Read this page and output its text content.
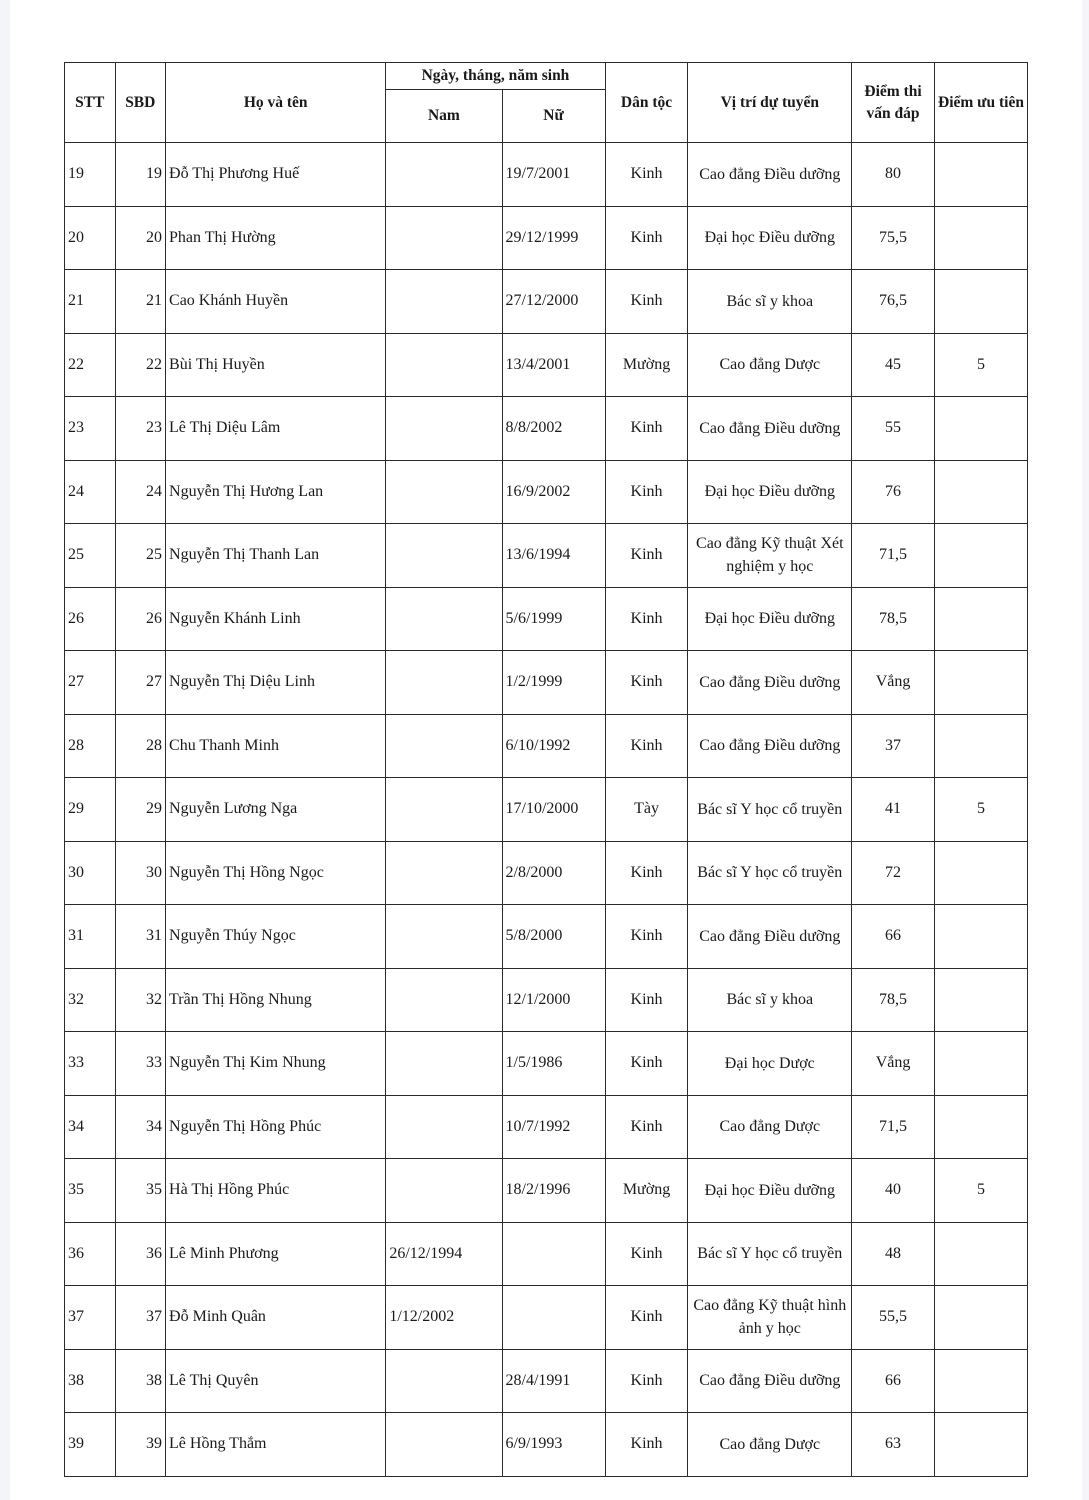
STT	SBD	Họ và tên	Ngày, tháng, năm sinh		Dân tộc	Vị trí dự tuyển	Điểm thi vấn đáp	Điểm ưu tiên
			Nam	Nữ				
19	19	Đỗ Thị Phương Huế		19/7/2001	Kinh	Cao đẳng Điều dưỡng	80	
20	20	Phan Thị Hường		29/12/1999	Kinh	Đại học Điều dưỡng	75,5	
21	21	Cao Khánh Huyền		27/12/2000	Kinh	Bác sĩ y khoa	76,5	
22	22	Bùi Thị Huyền		13/4/2001	Mường	Cao đẳng Dược	45	5
23	23	Lê Thị Diệu Lâm		8/8/2002	Kinh	Cao đẳng Điều dưỡng	55	
24	24	Nguyễn Thị Hương Lan		16/9/2002	Kinh	Đại học Điều dưỡng	76	
25	25	Nguyễn Thị Thanh Lan		13/6/1994	Kinh	Cao đẳng Kỹ thuật Xét nghiệm y học	71,5	
26	26	Nguyễn Khánh Linh		5/6/1999	Kinh	Đại học Điều dưỡng	78,5	
27	27	Nguyễn Thị Diệu Linh		1/2/1999	Kinh	Cao đẳng Điều dưỡng	Vắng	
28	28	Chu Thanh Minh		6/10/1992	Kinh	Cao đẳng Điều dưỡng	37	
29	29	Nguyễn Lương Nga		17/10/2000	Tày	Bác sĩ Y học cổ truyền	41	5
30	30	Nguyễn Thị Hồng Ngọc		2/8/2000	Kinh	Bác sĩ Y học cổ truyền	72	
31	31	Nguyễn Thúy Ngọc		5/8/2000	Kinh	Cao đẳng Điều dưỡng	66	
32	32	Trần Thị Hồng Nhung		12/1/2000	Kinh	Bác sĩ y khoa	78,5	
33	33	Nguyễn Thị Kim Nhung		1/5/1986	Kinh	Đại học Dược	Vắng	
34	34	Nguyễn Thị Hồng Phúc		10/7/1992	Kinh	Cao đẳng Dược	71,5	
35	35	Hà Thị Hồng Phúc		18/2/1996	Mường	Đại học Điều dưỡng	40	5
36	36	Lê Minh Phương	26/12/1994		Kinh	Bác sĩ Y học cổ truyền	48	
37	37	Đỗ Minh Quân	1/12/2002		Kinh	Cao đẳng Kỹ thuật hình ảnh y học	55,5	
38	38	Lê Thị Quyên		28/4/1991	Kinh	Cao đẳng Điều dưỡng	66	
39	39	Lê Hồng Thắm		6/9/1993	Kinh	Cao đẳng Dược	63	
